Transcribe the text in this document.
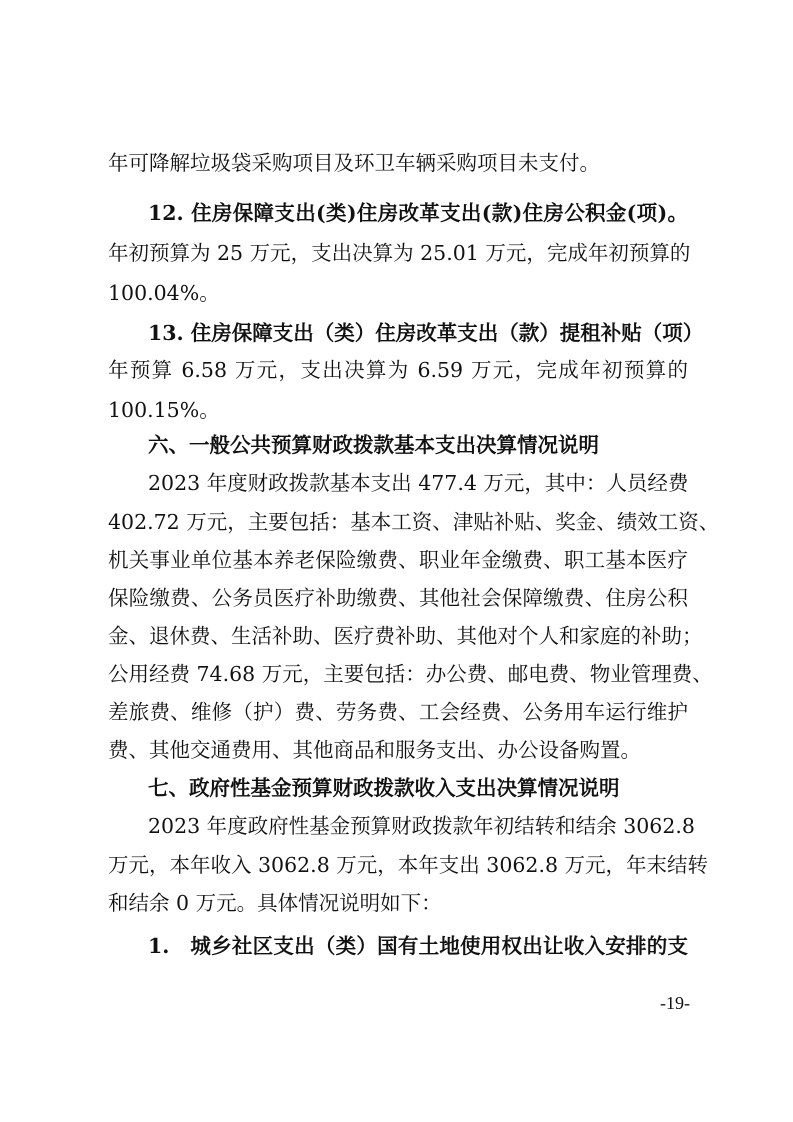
年可降解垃圾袋采购项目及环卫车辆采购项目未支付。
12. 住房保障支出(类)住房改革支出(款)住房公积金(项)。
年初预算为 25 万元，支出决算为 25.01 万元，完成年初预算的
100.04%。
13. 住房保障支出（类）住房改革支出（款）提租补贴（项）
年预算 6.58 万元，支出决算为 6.59 万元，完成年初预算的
100.15%。
六、一般公共预算财政拨款基本支出决算情况说明
2023 年度财政拨款基本支出 477.4 万元，其中：人员经费
402.72 万元，主要包括：基本工资、津贴补贴、奖金、绩效工资、
机关事业单位基本养老保险缴费、职业年金缴费、职工基本医疗
保险缴费、公务员医疗补助缴费、其他社会保障缴费、住房公积
金、退休费、生活补助、医疗费补助、其他对个人和家庭的补助；
公用经费 74.68 万元，主要包括：办公费、邮电费、物业管理费、
差旅费、维修（护）费、劳务费、工会经费、公务用车运行维护
费、其他交通费用、其他商品和服务支出、办公设备购置。
七、政府性基金预算财政拨款收入支出决算情况说明
2023 年度政府性基金预算财政拨款年初结转和结余 3062.8
万元，本年收入 3062.8 万元，本年支出 3062.8 万元，年末结转
和结余 0 万元。具体情况说明如下：
1.　城乡社区支出（类）国有土地使用权出让收入安排的支
-19-
